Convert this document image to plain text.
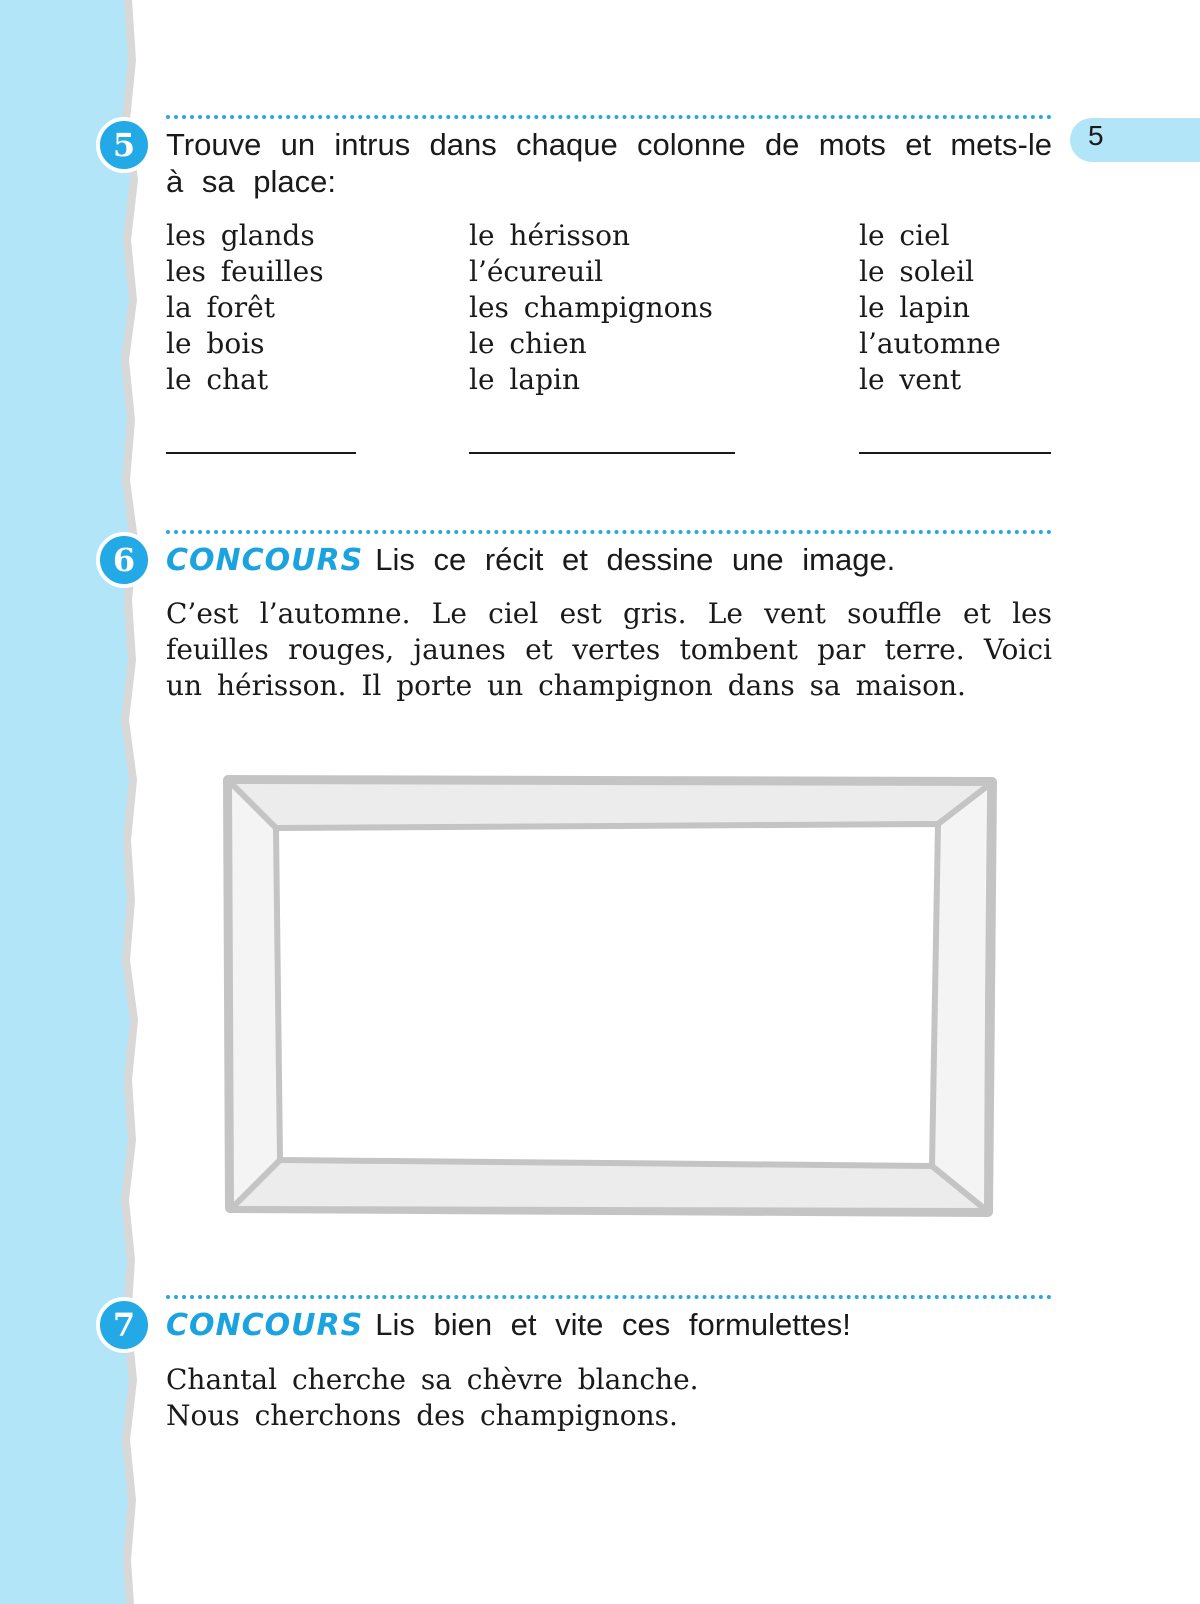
5
5 Trouve un intrus dans chaque colonne de mots et mets-le à sa place:
les glands
les feuilles
la forêt
le bois
le chat
le hérisson
l’écureuil
les champignons
le chien
le lapin
le ciel
le soleil
le lapin
l’automne
le vent
6	CONCOURS Lis ce récit et dessine une image.

C’est l’automne. Le ciel est gris. Le vent souffle et les feuilles rouges, jaunes et vertes tombent par terre. Voici un hérisson. Il porte un champignon dans sa maison.

7	CONCOURS Lis bien et vite ces formulettes!
Chantal cherche sa chèvre blanche.
Nous cherchons des champignons.
